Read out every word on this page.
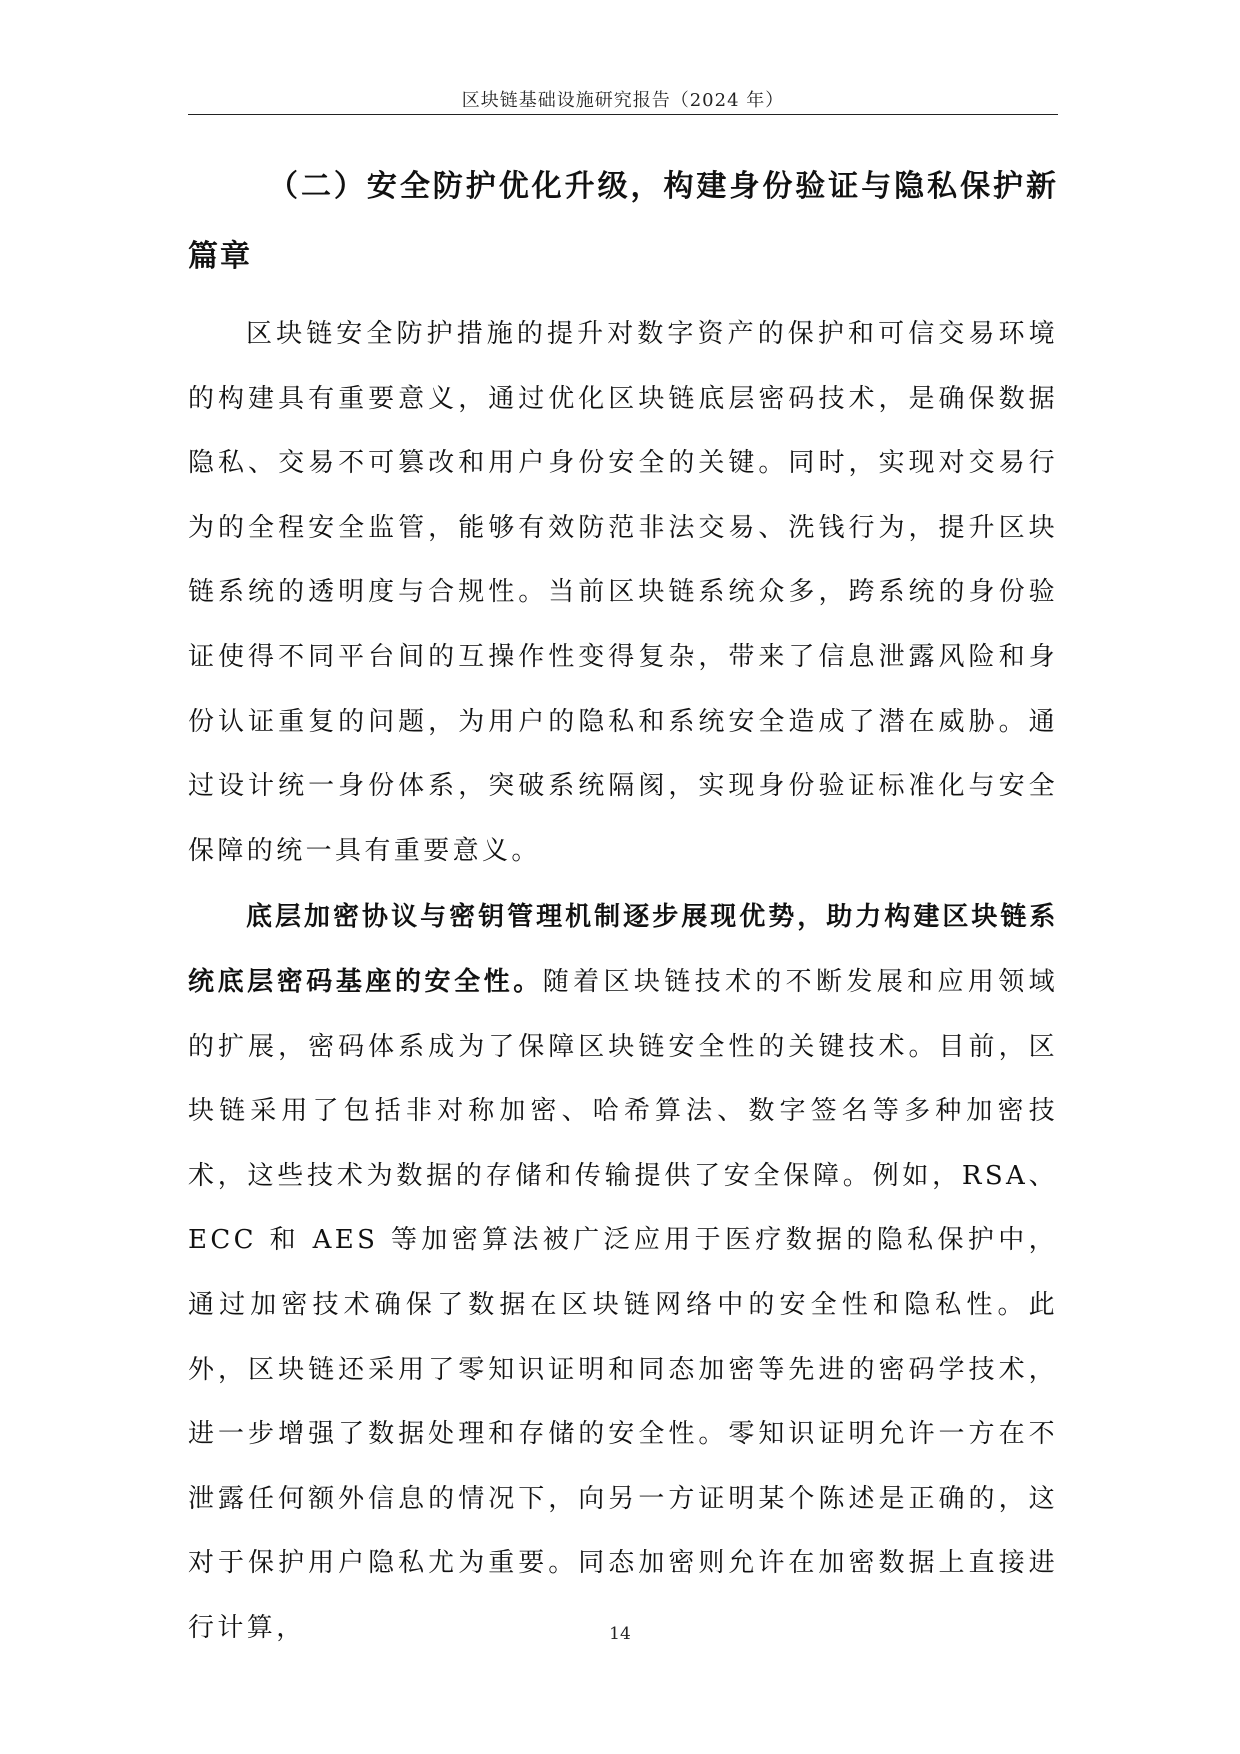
区块链基础设施研究报告（2024 年）
（二）安全防护优化升级，构建身份验证与隐私保护新篇章

区块链安全防护措施的提升对数字资产的保护和可信交易环境的构建具有重要意义，通过优化区块链底层密码技术，是确保数据隐私、交易不可篡改和用户身份安全的关键。同时，实现对交易行为的全程安全监管，能够有效防范非法交易、洗钱行为，提升区块链系统的透明度与合规性。当前区块链系统众多，跨系统的身份验证使得不同平台间的互操作性变得复杂，带来了信息泄露风险和身份认证重复的问题，为用户的隐私和系统安全造成了潜在威胁。通过设计统一身份体系，突破系统隔阂，实现身份验证标准化与安全保障的统一具有重要意义。

底层加密协议与密钥管理机制逐步展现优势，助力构建区块链系统底层密码基座的安全性。随着区块链技术的不断发展和应用领域的扩展，密码体系成为了保障区块链安全性的关键技术。目前，区块链采用了包括非对称加密、哈希算法、数字签名等多种加密技术，这些技术为数据的存储和传输提供了安全保障。例如，RSA、ECC 和 AES 等加密算法被广泛应用于医疗数据的隐私保护中，通过加密技术确保了数据在区块链网络中的安全性和隐私性。此外，区块链还采用了零知识证明和同态加密等先进的密码学技术，进一步增强了数据处理和存储的安全性。零知识证明允许一方在不泄露任何额外信息的情况下，向另一方证明某个陈述是正确的，这对于保护用户隐私尤为重要。同态加密则允许在加密数据上直接进行计算，	14
